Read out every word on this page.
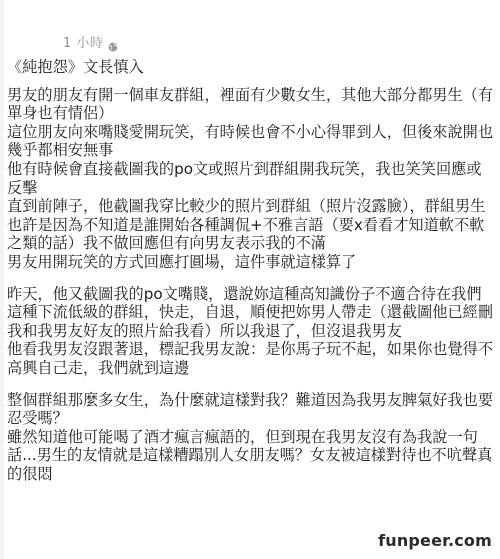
1 小時

《純抱怨》文長慎入

男友的朋友有開一個車友群組，裡面有少數女生，其他大部分都男生（有單身也有情侶）
這位朋友向來嘴賤愛開玩笑，有時候也會不小心得罪到人，但後來說開也幾乎都相安無事
他有時候會直接截圖我的po文或照片到群組開我玩笑，我也笑笑回應或反擊
直到前陣子，他截圖我穿比較少的照片到群組（照片沒露臉），群組男生也許是因為不知道是誰開始各種調侃+不雅言語（要x看看才知道軟不軟之類的話）我不做回應但有向男友表示我的不滿
男友用開玩笑的方式回應打圓場，這件事就這樣算了

昨天，他又截圖我的po文嘴賤，還說妳這種高知識份子不適合待在我們這種下流低級的群組，快走，自退，順便把妳男人帶走（還截圖他已經刪我和我男友好友的照片給我看）所以我退了，但沒退我男友
他看我男友沒跟著退，標記我男友說：是你馬子玩不起，如果你也覺得不高興自己走，我們就到這邊

整個群組那麼多女生，為什麼就這樣對我？難道因為我男友脾氣好我也要忍受嗎？
雖然知道他可能喝了酒才瘋言瘋語的，但到現在我男友沒有為我說一句話...男生的友情就是這樣糟蹋別人女朋友嗎？女友被這樣對待也不吭聲真的很悶

funpeer.com
